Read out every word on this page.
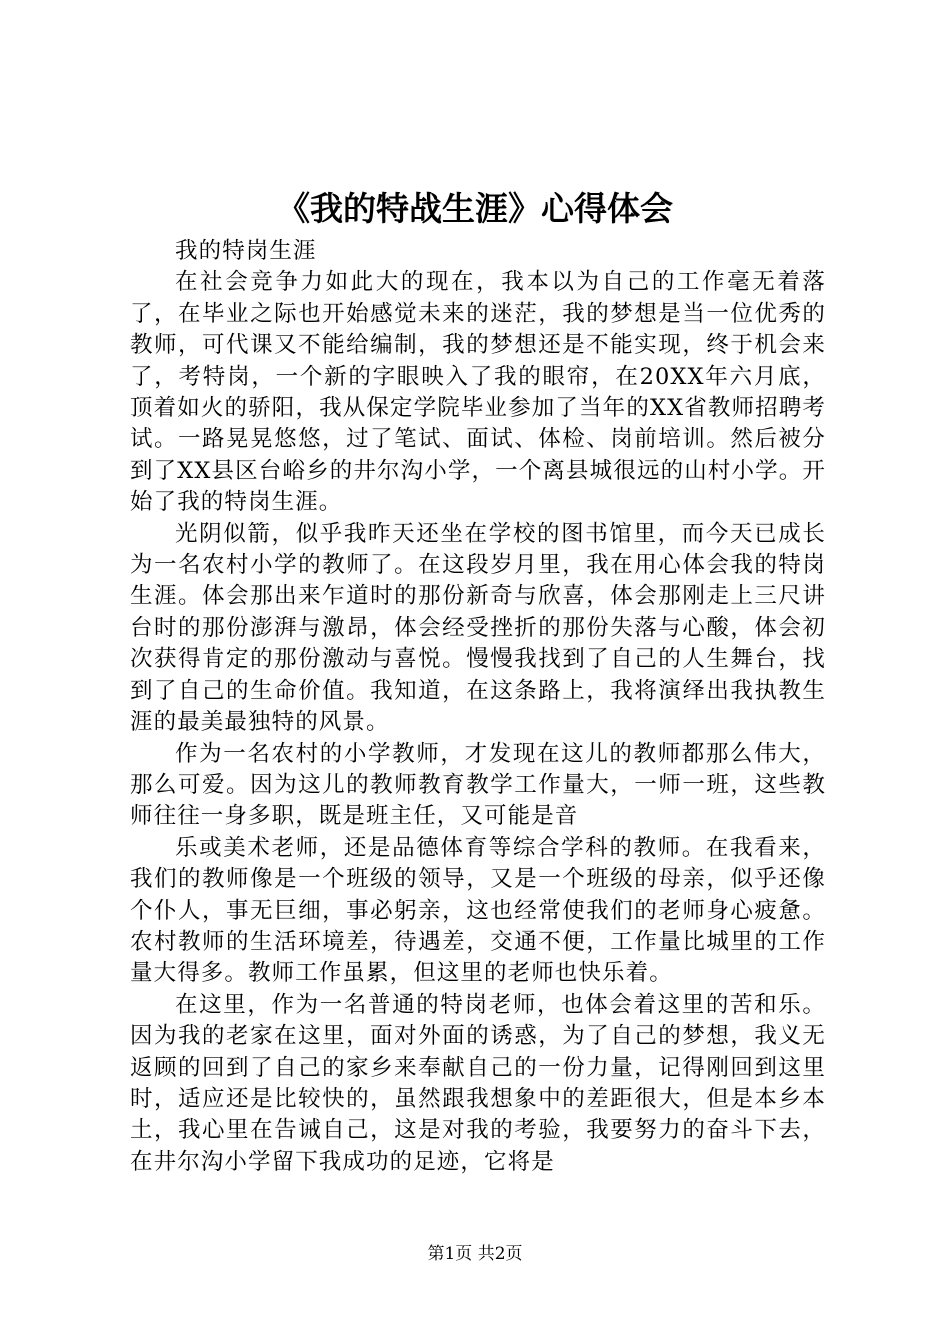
《我的特战生涯》心得体会

我的特岗生涯

在社会竞争力如此大的现在，我本以为自己的工作毫无着落了，在毕业之际也开始感觉未来的迷茫，我的梦想是当一位优秀的教师，可代课又不能给编制，我的梦想还是不能实现，终于机会来了，考特岗，一个新的字眼映入了我的眼帘，在20XX年六月底，顶着如火的骄阳，我从保定学院毕业参加了当年的XX省教师招聘考试。一路晃晃悠悠，过了笔试、面试、体检、岗前培训。然后被分到了XX县区台峪乡的井尔沟小学，一个离县城很远的山村小学。开始了我的特岗生涯。

光阴似箭，似乎我昨天还坐在学校的图书馆里，而今天已成长为一名农村小学的教师了。在这段岁月里，我在用心体会我的特岗生涯。体会那出来乍道时的那份新奇与欣喜，体会那刚走上三尺讲台时的那份澎湃与激昂，体会经受挫折的那份失落与心酸，体会初次获得肯定的那份激动与喜悦。慢慢我找到了自己的人生舞台，找到了自己的生命价值。我知道，在这条路上，我将演绎出我执教生涯的最美最独特的风景。

作为一名农村的小学教师，才发现在这儿的教师都那么伟大，那么可爱。因为这儿的教师教育教学工作量大，一师一班，这些教师往往一身多职，既是班主任，又可能是音

乐或美术老师，还是品德体育等综合学科的教师。在我看来，我们的教师像是一个班级的领导，又是一个班级的母亲，似乎还像个仆人，事无巨细，事必躬亲，这也经常使我们的老师身心疲惫。农村教师的生活环境差，待遇差，交通不便，工作量比城里的工作量大得多。教师工作虽累，但这里的老师也快乐着。

在这里，作为一名普通的特岗老师，也体会着这里的苦和乐。因为我的老家在这里，面对外面的诱惑，为了自己的梦想，我义无返顾的回到了自己的家乡来奉献自己的一份力量，记得刚回到这里时，适应还是比较快的，虽然跟我想象中的差距很大，但是本乡本土，我心里在告诫自己，这是对我的考验，我要努力的奋斗下去，在井尔沟小学留下我成功的足迹，它将是

第1页 共2页
